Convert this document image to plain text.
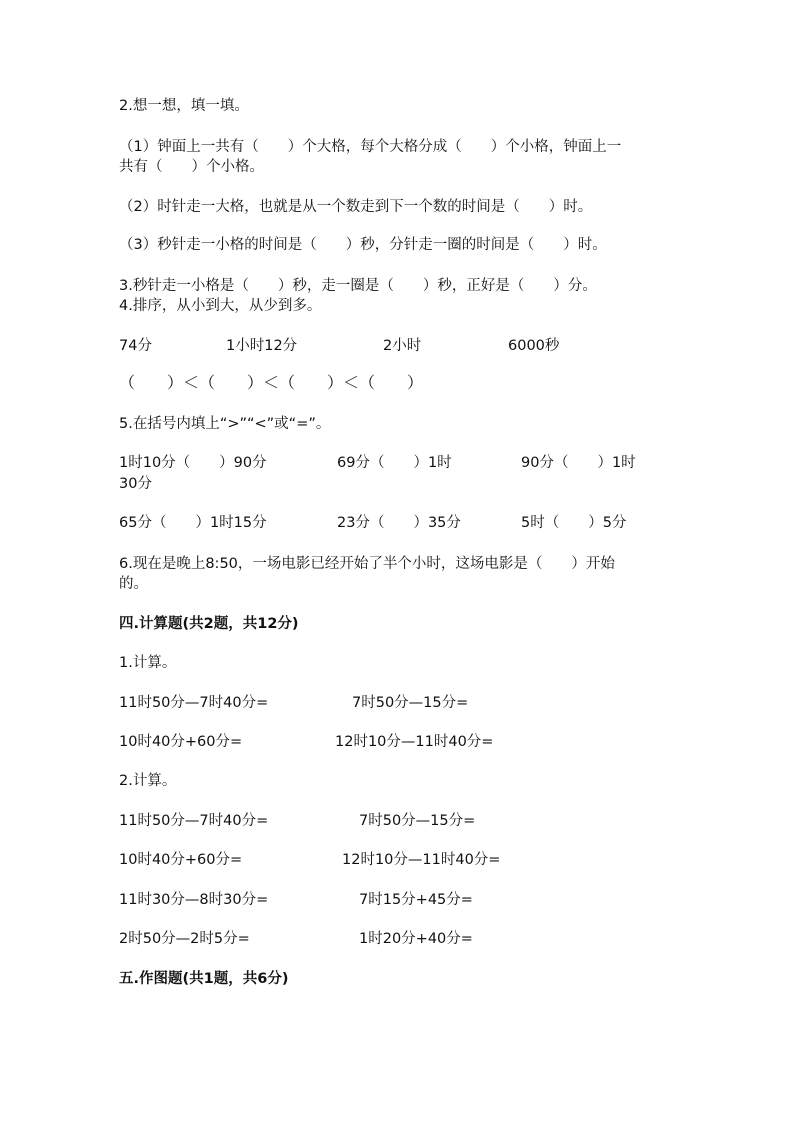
2.想一想，填一填。
（1）钟面上一共有（　　）个大格，每个大格分成（　　）个小格，钟面上一
共有（　　）个小格。
（2）时针走一大格，也就是从一个数走到下一个数的时间是（　　）时。
（3）秒针走一小格的时间是（　　）秒，分针走一圈的时间是（　　）时。
3.秒针走一小格是（　　）秒，走一圈是（　　）秒，正好是（　　）分。
4.排序，从小到大，从少到多。
74分	1小时12分	2小时	6000秒
（　　）＜（　　）＜（　　）＜（　　）
5.在括号内填上“>”“<”或“=”。
1时10分（　　）90分	69分（　　）1时	90分（　　）1时
30分
65分（　　）1时15分	23分（　　）35分	5时（　　）5分
6.现在是晚上8:50，一场电影已经开始了半个小时，这场电影是（　　）开始
的。
四.计算题(共2题，共12分)
1.计算。
11时50分—7时40分=	7时50分—15分=
10时40分+60分=	12时10分—11时40分=
2.计算。
11时50分—7时40分=	7时50分—15分=
10时40分+60分=	12时10分—11时40分=
11时30分—8时30分=	7时15分+45分=
2时50分—2时5分=	1时20分+40分=
五.作图题(共1题，共6分)
